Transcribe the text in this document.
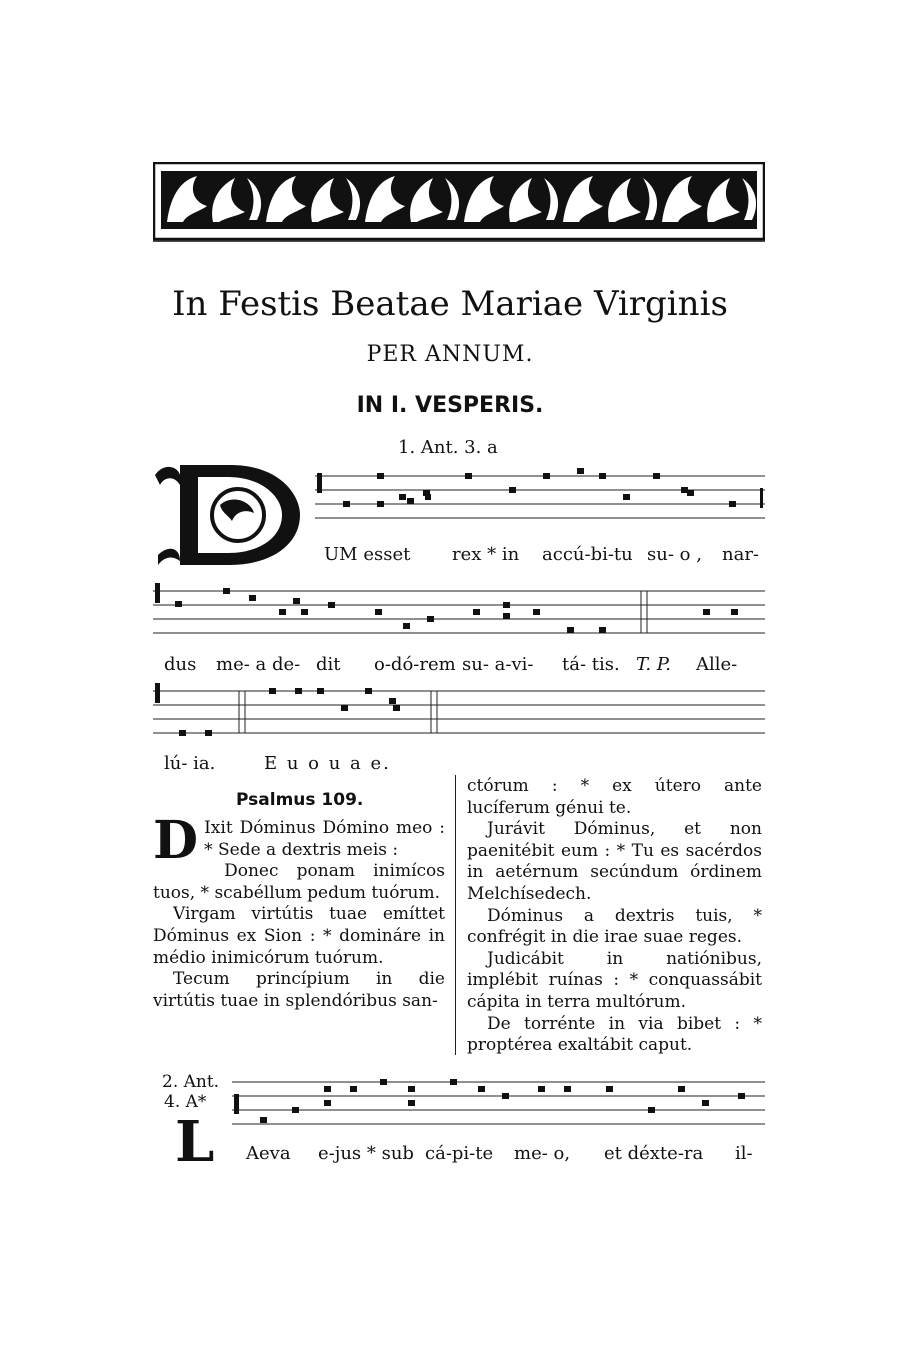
In Festis Beatae Mariae Virginis
PER ANNUM.
IN I. VESPERIS.
1. Ant. 3. a
UM esset rex * in accú-bi-tu su- o , nar-
dus me- a de- dit o-dó-rem su- a-vi- tá- tis. T. P. Alle-
lú- ia.	E u o u a e.
Psalmus 109.

D Ixit Dóminus Dómino meo : * Sede a dextris meis :

Donec ponam inimícos tuos, * scabéllum pedum tuórum.

Virgam virtútis tuae emíttet Dóminus ex Sion : * domináre in médio inimicórum tuórum.

Tecum princípium in die virtútis tuae in splendóribus san-

ctórum : * ex útero ante lucíferum génui te.

Jurávit Dóminus, et non paenitébit eum : * Tu es sacérdos in aetérnum secúndum órdinem Melchísedech.

Dóminus a dextris tuis, * confrégit in die irae suae reges.

Judicábit in natiónibus, implébit ruínas : * conquassábit cápita in terra multórum.

De torrénte in via bibet : * proptérea exaltábit caput.

2. Ant.
4. A*
L Aeva e-jus * sub cá-pi-te me- o, et déxte-ra il-
